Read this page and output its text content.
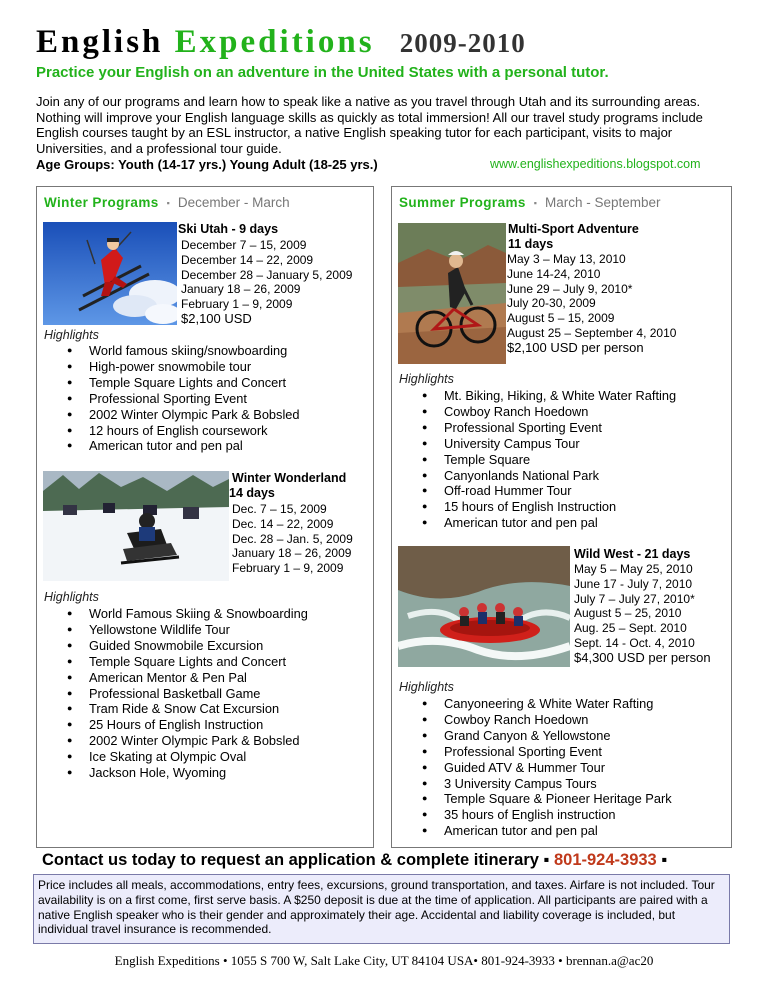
English Expeditions 2009-2010
Practice your English on an adventure in the United States with a personal tutor.
Join any of our programs and learn how to speak like a native as you travel through Utah and its surrounding areas. Nothing will improve your English language skills as quickly as total immersion! All our travel study programs include English courses taught by an ESL instructor, a native English speaking tutor for each participant, visits to major Universities, and a professional tour guide.
Age Groups: Youth (14-17 yrs.) Young Adult (18-25 yrs.)	www.englishexpeditions.blogspot.com
Winter Programs ▪ December - March
Ski Utah - 9 days
December 7 – 15, 2009
December 14 – 22, 2009
December 28 – January 5, 2009
January 18 – 26, 2009
February 1 – 9, 2009
$2,100 USD
Highlights
● World famous skiing/snowboarding
● High-power snowmobile tour
● Temple Square Lights and Concert
● Professional Sporting Event
● 2002 Winter Olympic Park & Bobsled
● 12 hours of English coursework
● American tutor and pen pal
Winter Wonderland
14 days
Dec. 7 – 15, 2009
Dec. 14 – 22, 2009
Dec. 28 – Jan. 5, 2009
January 18 – 26, 2009
February 1 – 9, 2009
Highlights
● World Famous Skiing & Snowboarding
● Yellowstone Wildlife Tour
● Guided Snowmobile Excursion
● Temple Square Lights and Concert
● American Mentor & Pen Pal
● Professional Basketball Game
● Tram Ride & Snow Cat Excursion
● 25 Hours of English Instruction
● 2002 Winter Olympic Park & Bobsled
● Ice Skating at Olympic Oval
● Jackson Hole, Wyoming
Summer Programs ▪ March - September
Multi-Sport Adventure
11 days
May 3 – May 13, 2010
June 14-24, 2010
June 29 – July 9, 2010*
July 20-30, 2009
August 5 – 15, 2009
August 25 – September 4, 2010
$2,100 USD per person
Highlights
● Mt. Biking, Hiking, & White Water Rafting
● Cowboy Ranch Hoedown
● Professional Sporting Event
● University Campus Tour
● Temple Square
● Canyonlands National Park
● Off-road Hummer Tour
● 15 hours of English Instruction
● American tutor and pen pal
Wild West - 21 days
May 5 – May 25, 2010
June 17 - July 7, 2010
July 7 – July 27, 2010*
August 5 – 25, 2010
Aug. 25 – Sept. 2010
Sept. 14 - Oct. 4, 2010
$4,300 USD per person
Highlights
● Canyoneering & White Water Rafting
● Cowboy Ranch Hoedown
● Grand Canyon & Yellowstone
● Professional Sporting Event
● Guided ATV & Hummer Tour
● 3 University Campus Tours
● Temple Square & Pioneer Heritage Park
● 35 hours of English instruction
● American tutor and pen pal
Contact us today to request an application & complete itinerary ▪ 801-924-3933 ▪
Price includes all meals, accommodations, entry fees, excursions, ground transportation, and taxes. Airfare is not included. Tour availability is on a first come, first serve basis. A $250 deposit is due at the time of application. All participants are paired with a native English speaker who is their gender and approximately their age. Accidental and liability coverage is included, but individual travel insurance is recommended.
English Expeditions • 1055 S 700 W, Salt Lake City, UT 84104 USA• 801-924-3933 • brennan.a@ac20
